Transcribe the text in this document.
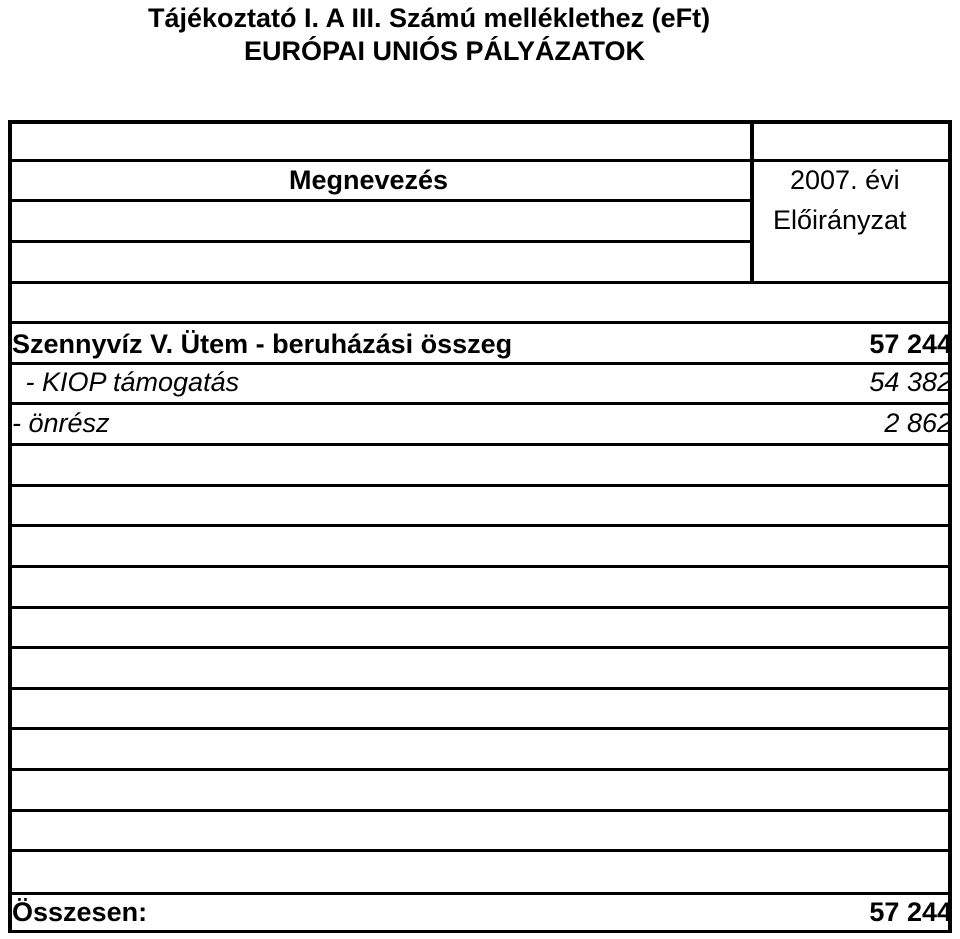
Tájékoztató I. A III. Számú melléklethez (eFt)
EURÓPAI UNIÓS PÁLYÁZATOK
Megnevezés	2007. évi
Előirányzat
Szennyvíz V. Ütem - beruházási összeg	57 244
- KIOP támogatás	54 382
- önrész	2 862
Összesen:	57 244
